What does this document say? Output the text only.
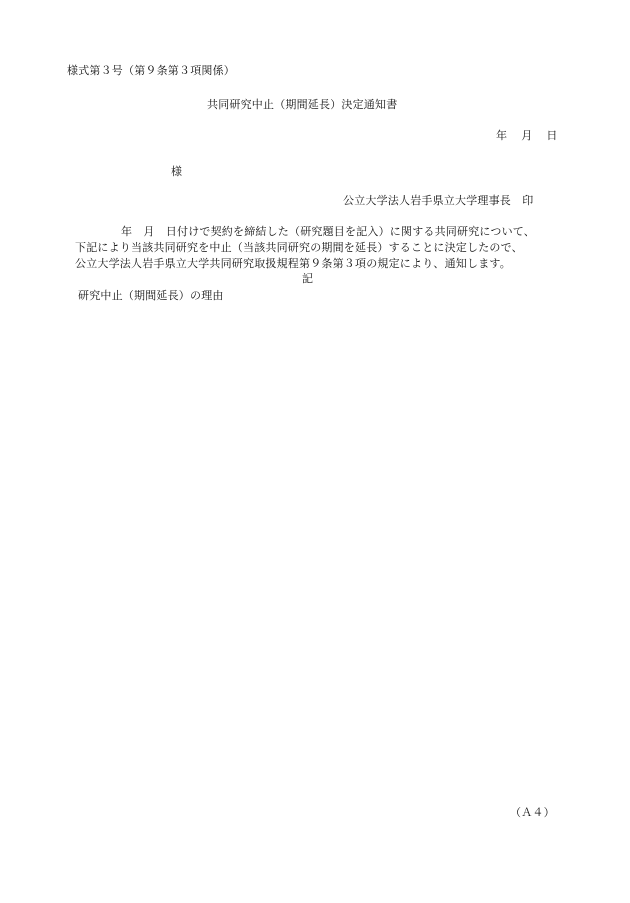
様式第３号（第９条第３項関係）
共同研究中止（期間延長）決定通知書
年 月 日
様
公立大学法人岩手県立大学理事長　印
年　月　日付けで契約を締結した（研究題目を記入）に関する共同研究について、
下記により当該共同研究を中止（当該共同研究の期間を延長）することに決定したので、
公立大学法人岩手県立大学共同研究取扱規程第９条第３項の規定により、通知します。
記
研究中止（期間延長）の理由
（Ａ４）
